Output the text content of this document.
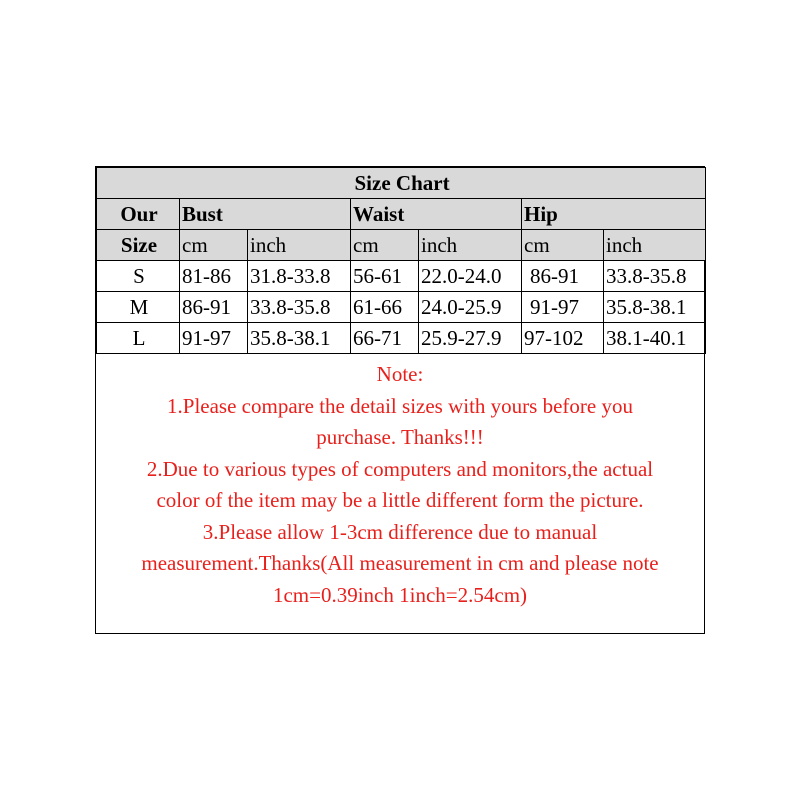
Size Chart						
Our	Bust		Waist		Hip	
Size	cm	inch	cm	inch	cm	inch
S	81-86	31.8-33.8	56-61	22.0-24.0	86-91	33.8-35.8
M	86-91	33.8-35.8	61-66	24.0-25.9	91-97	35.8-38.1
L	91-97	35.8-38.1	66-71	25.9-27.9	97-102	38.1-40.1
Note:
1.Please compare the detail sizes with yours before you
purchase. Thanks!!!
2.Due to various types of computers and monitors,the actual
color of the item may be a little different form the picture.
3.Please allow 1-3cm difference due to manual
measurement.Thanks(All measurement in cm and please note
1cm=0.39inch 1inch=2.54cm)
